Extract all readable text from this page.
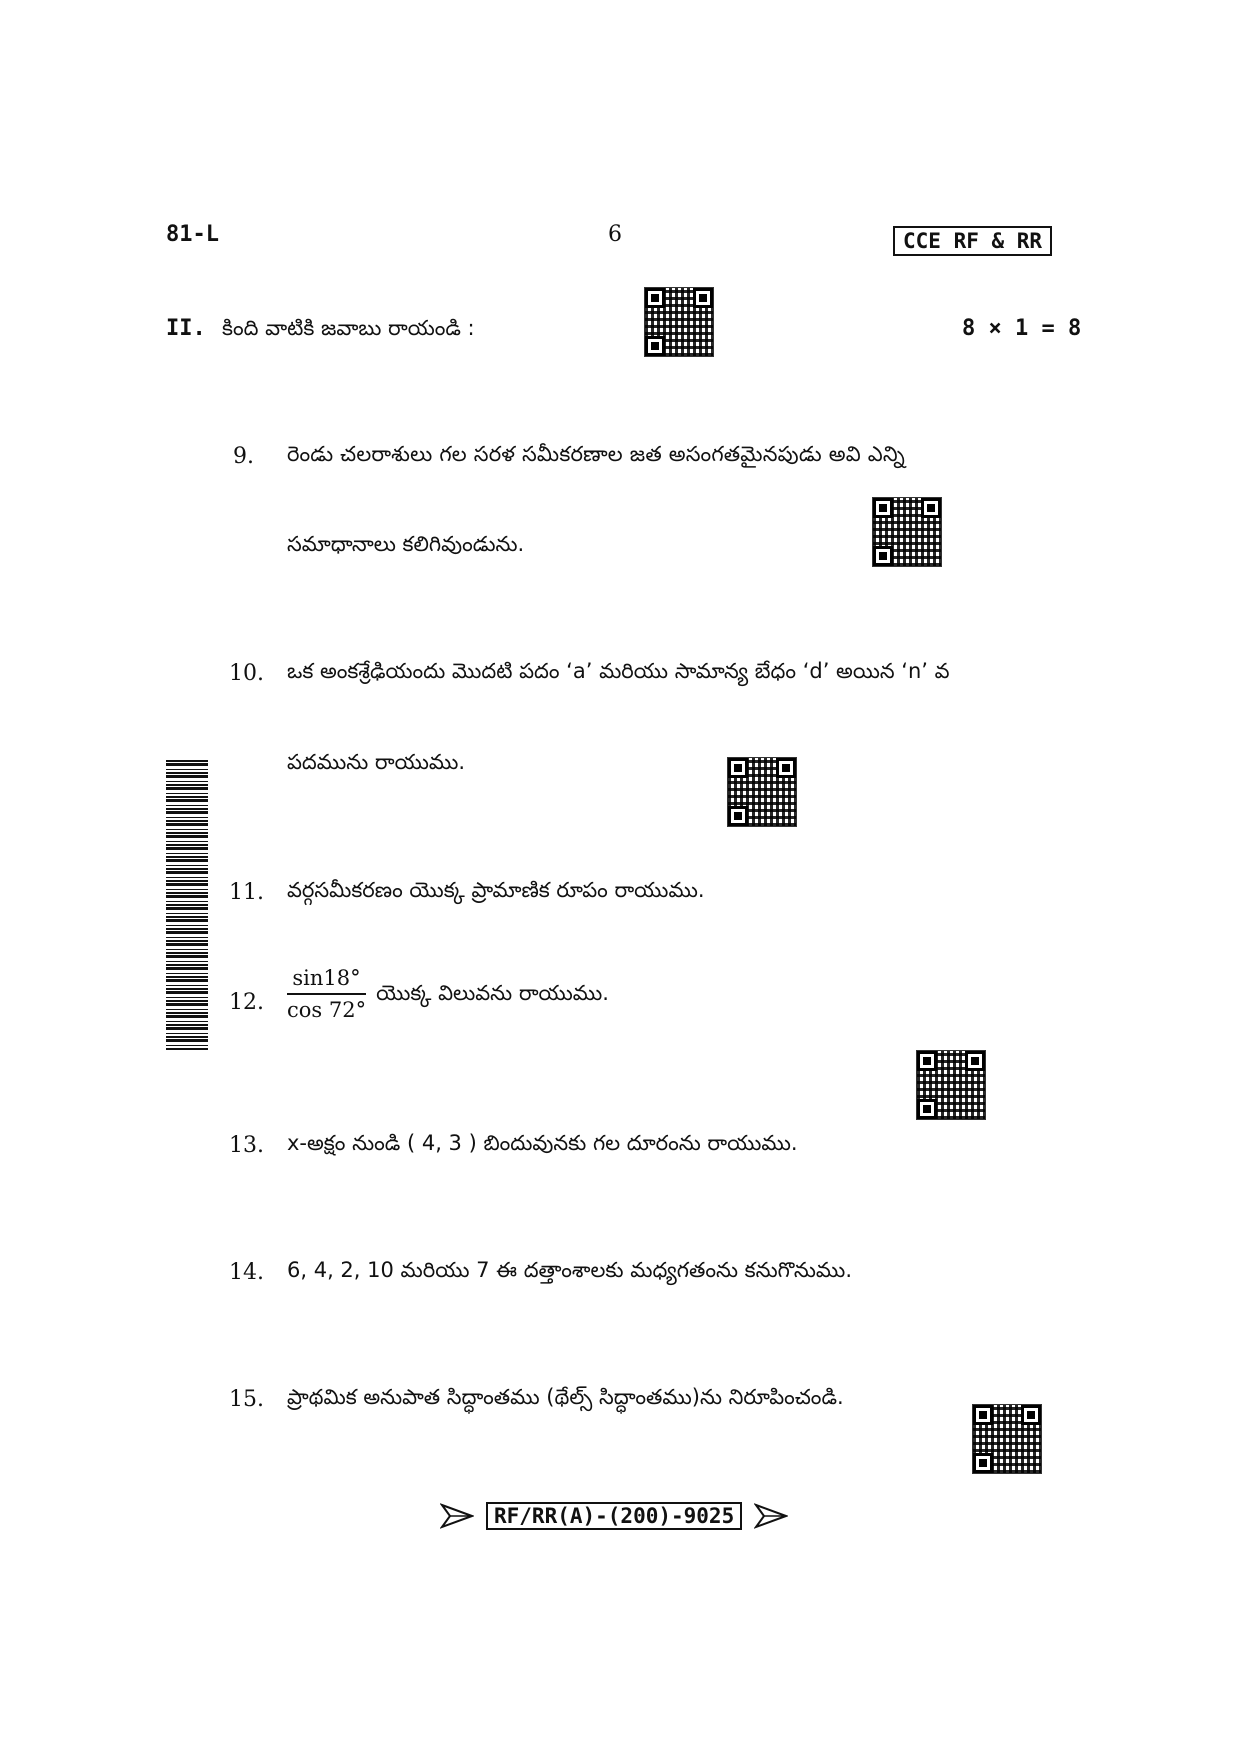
81-L	6	CCE RF & RR
II. కింది వాటికి జవాబు రాయండి :	8 × 1 = 8
9. రెండు చలరాశులు గల సరళ సమీకరణాల జత అసంగతమైనపుడు అవి ఎన్ని
సమాధానాలు కలిగివుండును.
10. ఒక అంకశ్రేఢియందు మొదటి పదం ‘a’ మరియు సామాన్య బేధం ‘d’ అయిన ‘n’ వ
పదమును రాయుము.
11. వర్గసమీకరణం యొక్క ప్రామాణిక రూపం రాయుము.
12. $\frac{\sin 18^\circ}{\cos 72^\circ}$ యొక్క విలువను రాయుము.
13. x-అక్షం నుండి ( 4, 3 ) బిందువునకు గల దూరంను రాయుము.
14. 6, 4, 2, 10 మరియు 7 ఈ దత్తాంశాలకు మధ్యగతంను కనుగొనుము.
15. ప్రాథమిక అనుపాత సిద్ధాంతము (థేల్స్ సిద్ధాంతము)ను నిరూపించండి.
RF/RR(A)-(200)-9025
